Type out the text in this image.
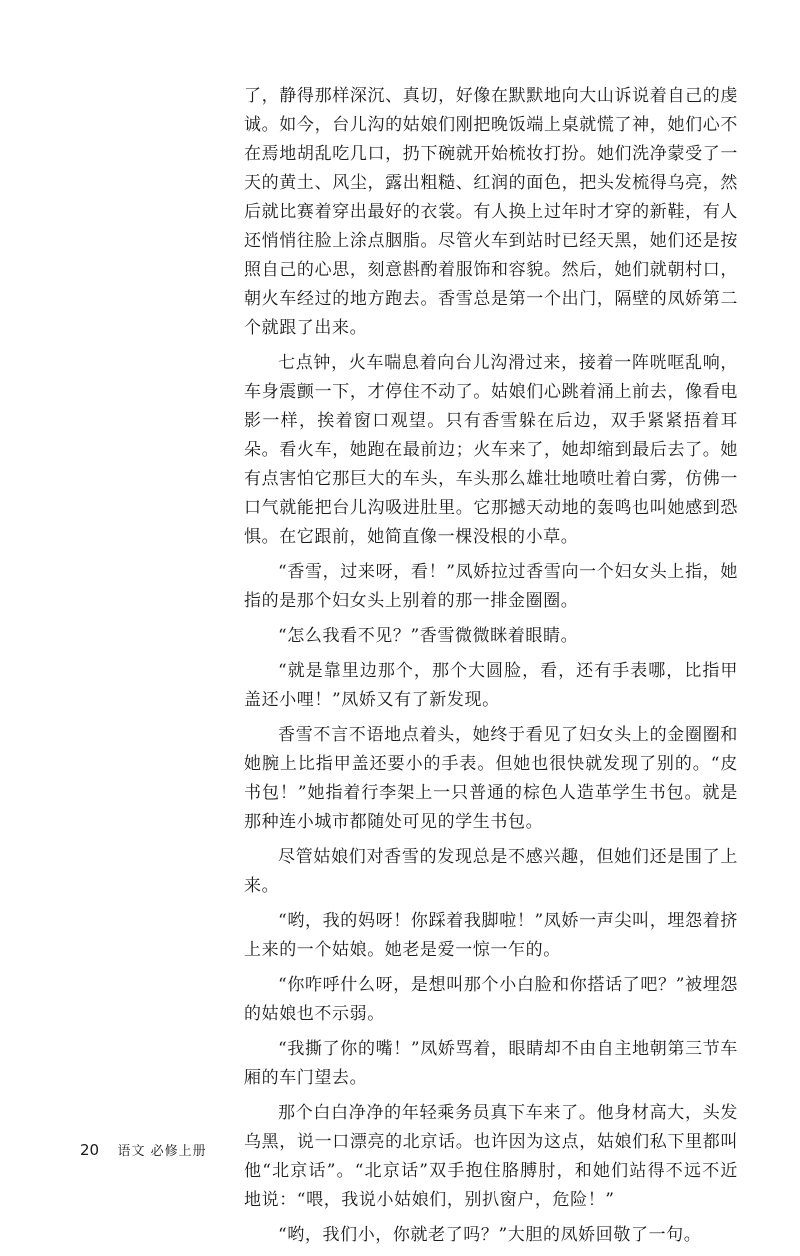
了，静得那样深沉、真切，好像在默默地向大山诉说着自己的虔诚。如今，台儿沟的姑娘们刚把晚饭端上桌就慌了神，她们心不在焉地胡乱吃几口，扔下碗就开始梳妆打扮。她们洗净蒙受了一天的黄土、风尘，露出粗糙、红润的面色，把头发梳得乌亮，然后就比赛着穿出最好的衣裳。有人换上过年时才穿的新鞋，有人还悄悄往脸上涂点胭脂。尽管火车到站时已经天黑，她们还是按照自己的心思，刻意斟酌着服饰和容貌。然后，她们就朝村口，朝火车经过的地方跑去。香雪总是第一个出门，隔壁的凤娇第二个就跟了出来。

七点钟，火车喘息着向台儿沟滑过来，接着一阵咣哐乱响，车身震颤一下，才停住不动了。姑娘们心跳着涌上前去，像看电影一样，挨着窗口观望。只有香雪躲在后边，双手紧紧捂着耳朵。看火车，她跑在最前边；火车来了，她却缩到最后去了。她有点害怕它那巨大的车头，车头那么雄壮地喷吐着白雾，仿佛一口气就能把台儿沟吸进肚里。它那撼天动地的轰鸣也叫她感到恐惧。在它跟前，她简直像一棵没根的小草。

“香雪，过来呀，看！”凤娇拉过香雪向一个妇女头上指，她指的是那个妇女头上别着的那一排金圈圈。

“怎么我看不见？”香雪微微眯着眼睛。

“就是靠里边那个，那个大圆脸，看，还有手表哪，比指甲盖还小哩！”凤娇又有了新发现。

香雪不言不语地点着头，她终于看见了妇女头上的金圈圈和她腕上比指甲盖还要小的手表。但她也很快就发现了别的。“皮书包！”她指着行李架上一只普通的棕色人造革学生书包。就是那种连小城市都随处可见的学生书包。

尽管姑娘们对香雪的发现总是不感兴趣，但她们还是围了上来。

“哟，我的妈呀！你踩着我脚啦！”凤娇一声尖叫，埋怨着挤上来的一个姑娘。她老是爱一惊一乍的。

“你咋呼什么呀，是想叫那个小白脸和你搭话了吧？”被埋怨的姑娘也不示弱。

“我撕了你的嘴！”凤娇骂着，眼睛却不由自主地朝第三节车厢的车门望去。

那个白白净净的年轻乘务员真下车来了。他身材高大，头发乌黑，说一口漂亮的北京话。也许因为这点，姑娘们私下里都叫他“北京话”。“北京话”双手抱住胳膊肘，和她们站得不远不近地说：“喂，我说小姑娘们，别扒窗户，危险！”

“哟，我们小，你就老了吗？”大胆的凤娇回敬了一句。

20 语文 必修上册
